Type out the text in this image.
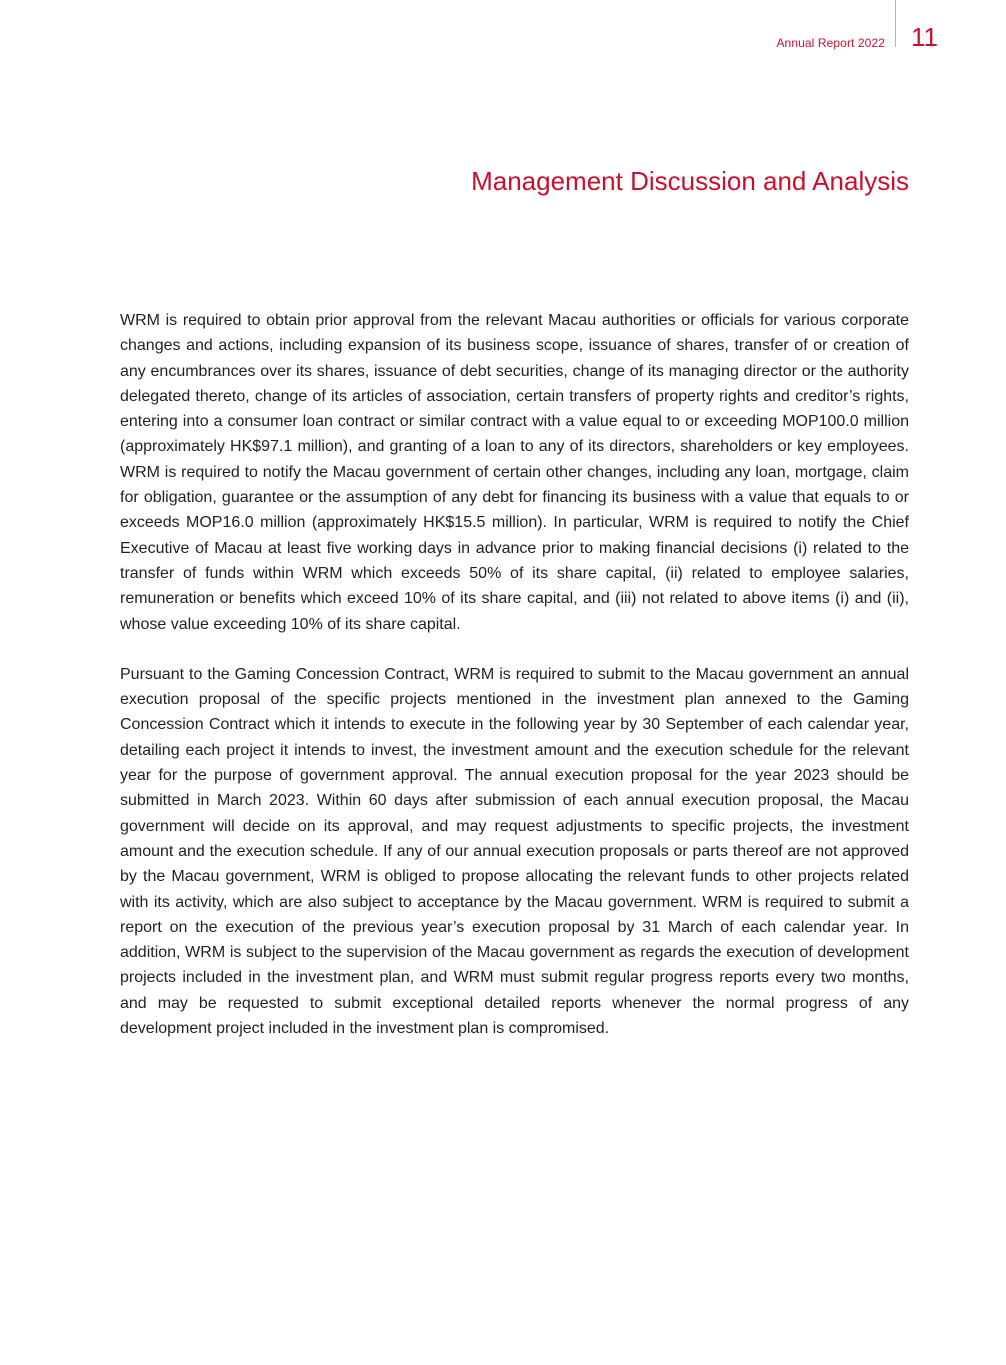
Annual Report 2022 11
Management Discussion and Analysis

WRM is required to obtain prior approval from the relevant Macau authorities or officials for various corporate changes and actions, including expansion of its business scope, issuance of shares, transfer of or creation of any encumbrances over its shares, issuance of debt securities, change of its managing director or the authority delegated thereto, change of its articles of association, certain transfers of property rights and creditor’s rights, entering into a consumer loan contract or similar contract with a value equal to or exceeding MOP100.0 million (approximately HK$97.1 million), and granting of a loan to any of its directors, shareholders or key employees. WRM is required to notify the Macau government of certain other changes, including any loan, mortgage, claim for obligation, guarantee or the assumption of any debt for financing its business with a value that equals to or exceeds MOP16.0 million (approximately HK$15.5 million). In particular, WRM is required to notify the Chief Executive of Macau at least five working days in advance prior to making financial decisions (i) related to the transfer of funds within WRM which exceeds 50% of its share capital, (ii) related to employee salaries, remuneration or benefits which exceed 10% of its share capital, and (iii) not related to above items (i) and (ii), whose value exceeding 10% of its share capital.

Pursuant to the Gaming Concession Contract, WRM is required to submit to the Macau government an annual execution proposal of the specific projects mentioned in the investment plan annexed to the Gaming Concession Contract which it intends to execute in the following year by 30 September of each calendar year, detailing each project it intends to invest, the investment amount and the execution schedule for the relevant year for the purpose of government approval. The annual execution proposal for the year 2023 should be submitted in March 2023. Within 60 days after submission of each annual execution proposal, the Macau government will decide on its approval, and may request adjustments to specific projects, the investment amount and the execution schedule. If any of our annual execution proposals or parts thereof are not approved by the Macau government, WRM is obliged to propose allocating the relevant funds to other projects related with its activity, which are also subject to acceptance by the Macau government. WRM is required to submit a report on the execution of the previous year’s execution proposal by 31 March of each calendar year. In addition, WRM is subject to the supervision of the Macau government as regards the execution of development projects included in the investment plan, and WRM must submit regular progress reports every two months, and may be requested to submit exceptional detailed reports whenever the normal progress of any development project included in the investment plan is compromised.
